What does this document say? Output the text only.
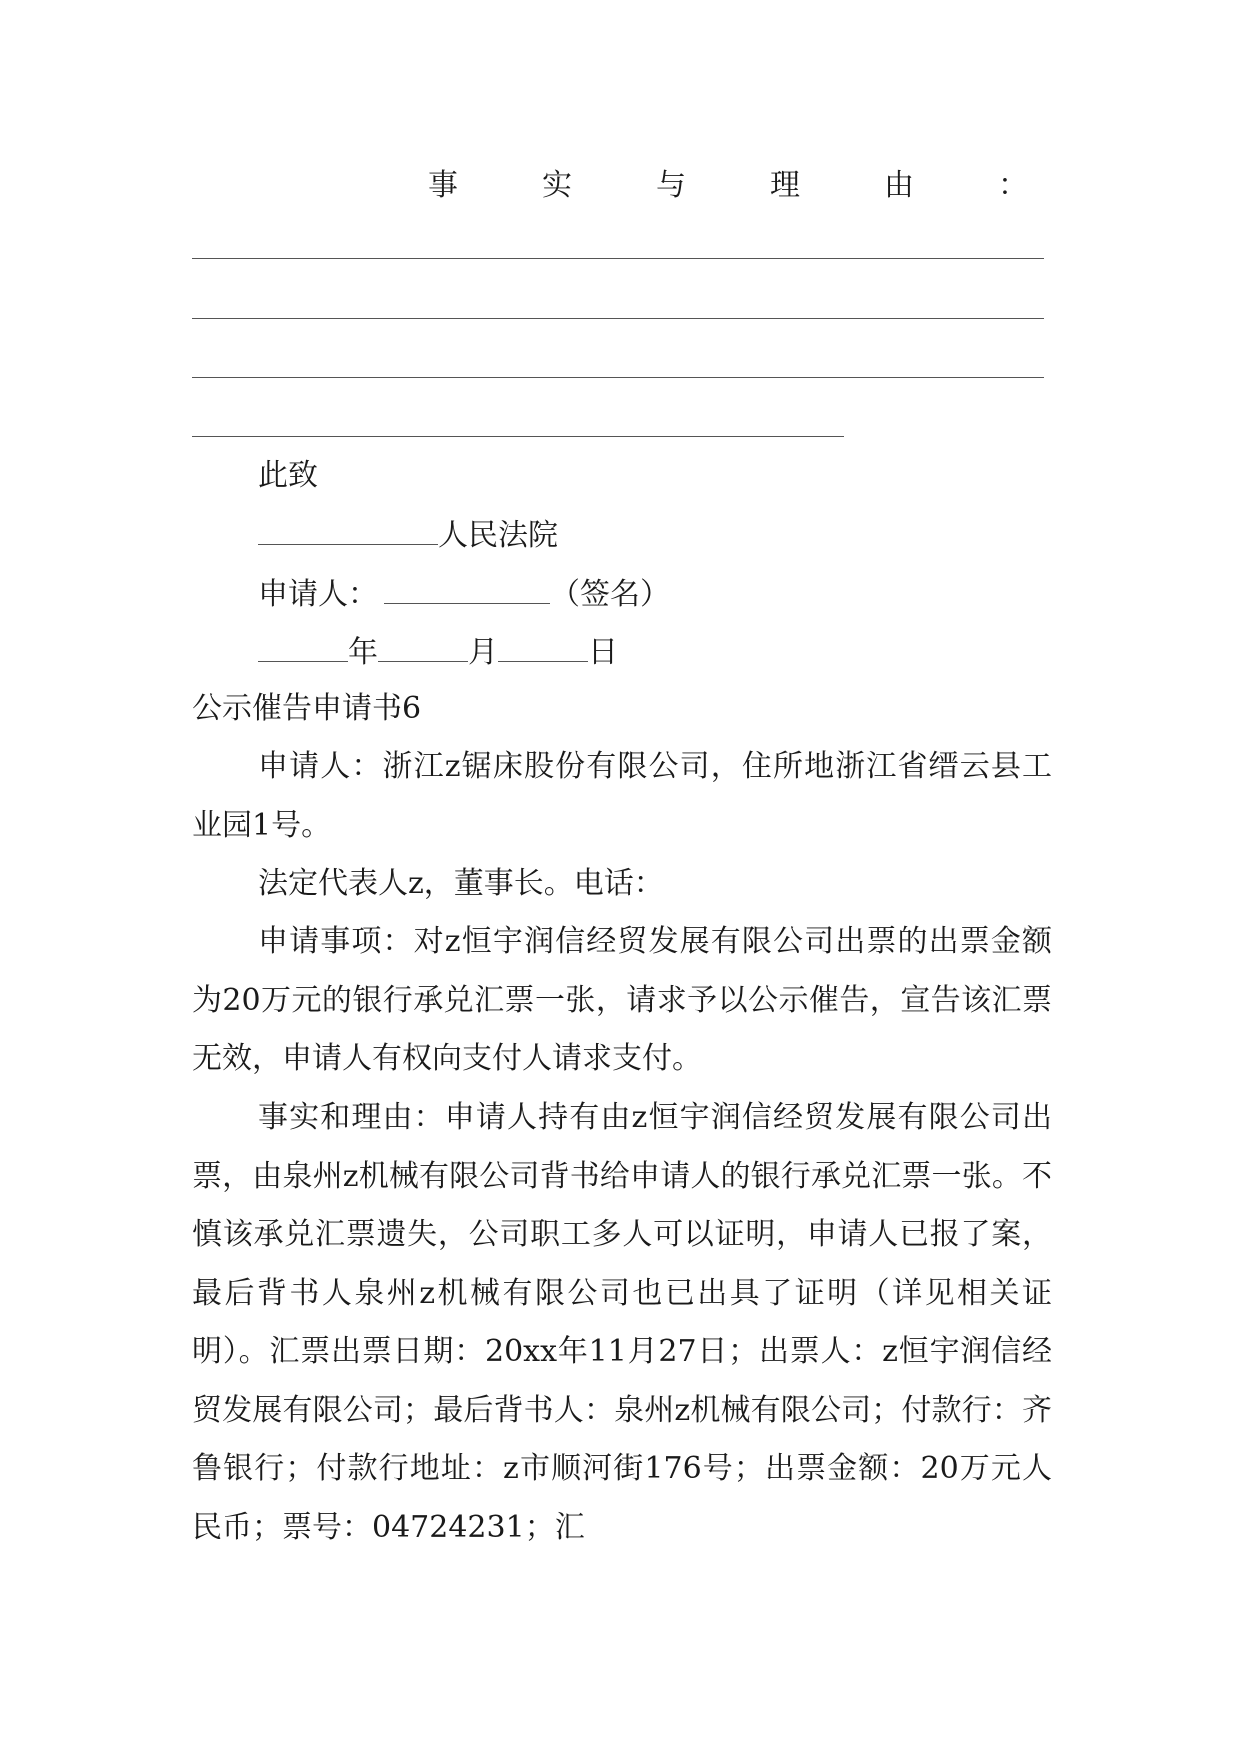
事	实	与	理	由	：
此致
人民法院
申请人：	（签名）
年	月	日
公示催告申请书6
申请人：浙江z锯床股份有限公司，住所地浙江省缙云县工业园1号。
法定代表人z，董事长。电话：
申请事项：对z恒宇润信经贸发展有限公司出票的出票金额为20万元的银行承兑汇票一张，请求予以公示催告，宣告该汇票无效，申请人有权向支付人请求支付。
事实和理由：申请人持有由z恒宇润信经贸发展有限公司出票，由泉州z机械有限公司背书给申请人的银行承兑汇票一张。不慎该承兑汇票遗失，公司职工多人可以证明，申请人已报了案，最后背书人泉州z机械有限公司也已出具了证明（详见相关证明）。汇票出票日期：20xx年11月27日；出票人：z恒宇润信经贸发展有限公司；最后背书人：泉州z机械有限公司；付款行：齐鲁银行；付款行地址：z市顺河街176号；出票金额：20万元人民币；票号：04724231；汇
